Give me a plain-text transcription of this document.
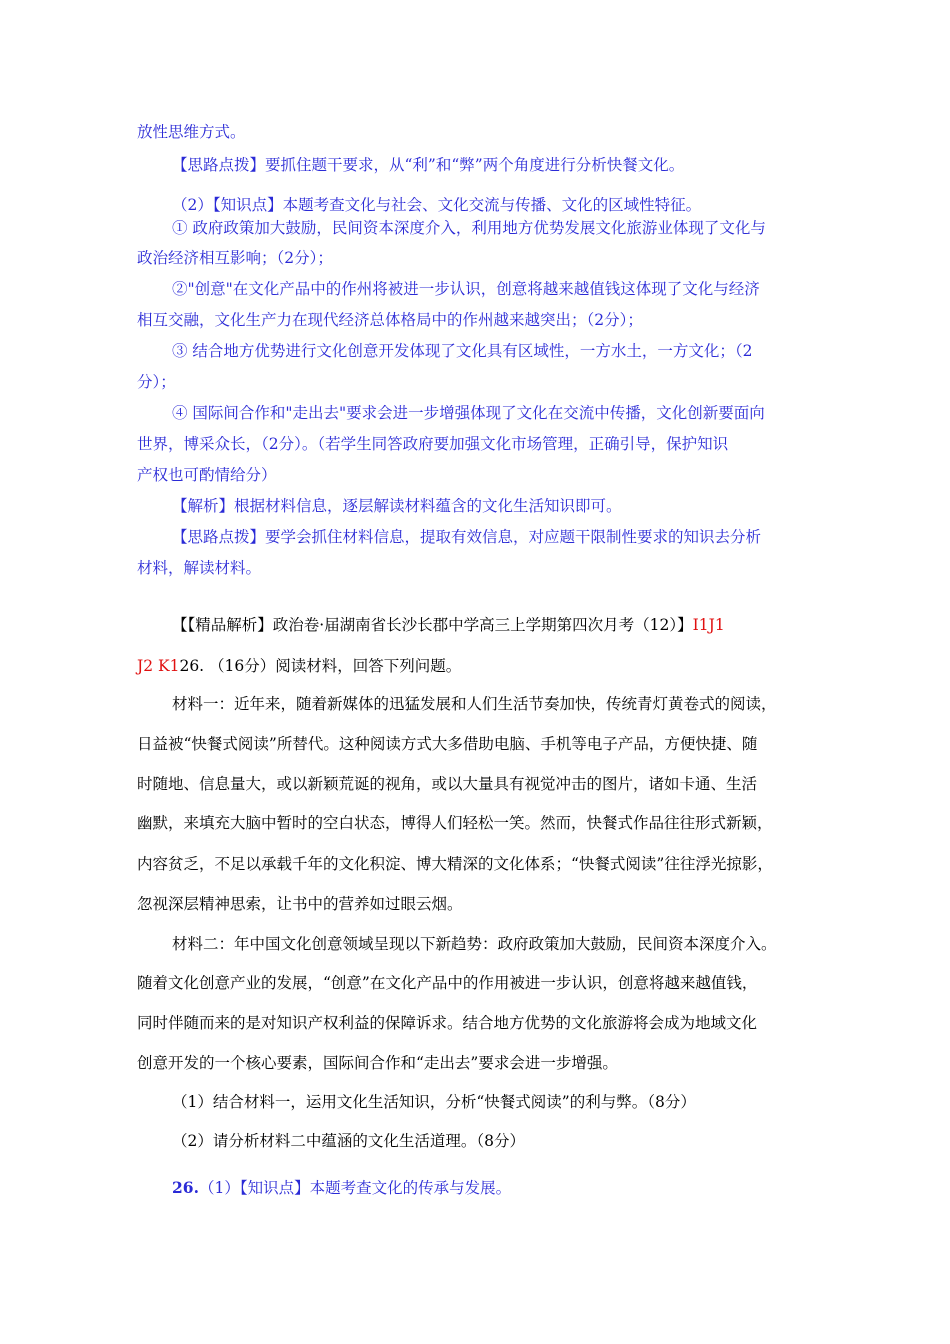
放性思维方式。
【思路点拨】要抓住题干要求，从“利”和“弊”两个角度进行分析快餐文化。
（2）【知识点】本题考查文化与社会、文化交流与传播、文化的区域性特征。
① 政府政策加大鼓励，民间资本深度介入，利用地方优势发展文化旅游业体现了文化与
政治经济相互影响；（2分）；
②"创意"在文化产品中的作州将被进一步认识，创意将越来越值钱这体现了文化与经济
相互交融，文化生产力在现代经济总体格局中的作州越来越突出；（2分）；
③ 结合地方优势进行文化创意开发体现了文化具有区域性，一方水土，一方文化；（2
分）；
④ 国际间合作和"走出去"要求会进一步增强体现了文化在交流中传播，文化创新要面向
世界，博采众长，（2分）。（若学生同答政府要加强文化市场管理，正确引导，保护知识
产权也可酌情给分）
【解析】根据材料信息，逐层解读材料蕴含的文化生活知识即可。
【思路点拨】要学会抓住材料信息，提取有效信息，对应题干限制性要求的知识去分析
材料，解读材料。
【【精品解析】政治卷·届湖南省长沙长郡中学高三上学期第四次月考（12）】I1J1
J2 K126. （16分）阅读材料，回答下列问题。
材料一：近年来，随着新媒体的迅猛发展和人们生活节奏加快，传统青灯黄卷式的阅读，
日益被“快餐式阅读”所替代。这种阅读方式大多借助电脑、手机等电子产品，方便快捷、随
时随地、信息量大，或以新颖荒诞的视角，或以大量具有视觉冲击的图片，诸如卡通、生活
幽默，来填充大脑中暂时的空白状态，博得人们轻松一笑。然而，快餐式作品往往形式新颖，
内容贫乏，不足以承载千年的文化积淀、博大精深的文化体系；“快餐式阅读”往往浮光掠影，
忽视深层精神思索，让书中的营养如过眼云烟。
材料二：年中国文化创意领域呈现以下新趋势：政府政策加大鼓励，民间资本深度介入。
随着文化创意产业的发展，“创意”在文化产品中的作用被进一步认识，创意将越来越值钱，
同时伴随而来的是对知识产权利益的保障诉求。结合地方优势的文化旅游将会成为地域文化
创意开发的一个核心要素，国际间合作和“走出去”要求会进一步增强。
（1）结合材料一，运用文化生活知识，分析“快餐式阅读”的利与弊。（8分）
（2）请分析材料二中蕴涵的文化生活道理。（8分）
26.（1）【知识点】本题考查文化的传承与发展。
